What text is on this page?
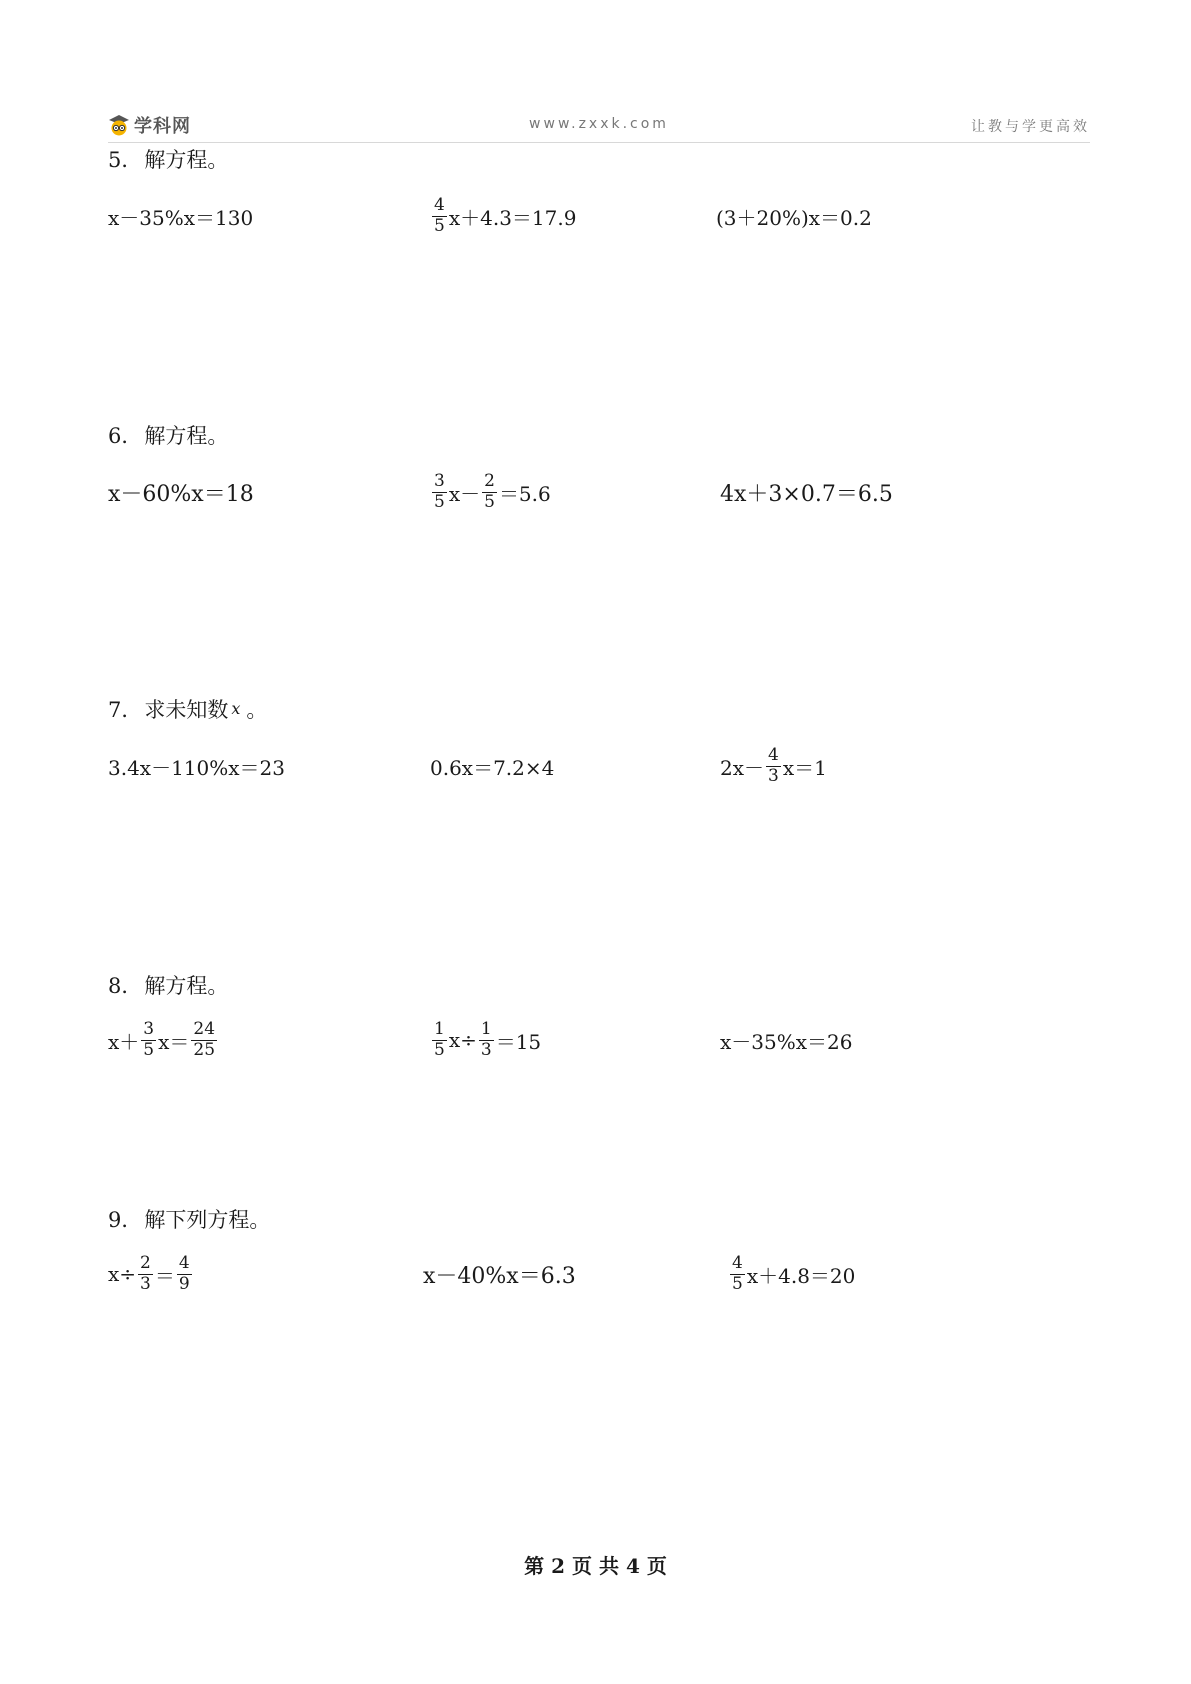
学科网	www.zxxk.com	让教与学更高效
5． 解方程。
x－35%x＝130	$\frac{4}{5} x+4.3=17.9$	(3＋20%)x＝0.2
6． 解方程。
x－60%x＝18	$\frac{3}{5} x- \frac{2}{5} =5.6$	4x＋3×0.7＝6.5
7． 求未知数 x 。
3.4x－110%x＝23	0.6x＝7.2×4	$2x- \frac{4}{3} x=1$
8． 解方程。
$x+ \frac{3}{5} x= \frac{24}{25}$	$\frac{1}{5} x\div \frac{1}{3} =15$	x－35%x＝26
9． 解下列方程。
$x\div \frac{2}{3} = \frac{4}{9}$	x－40%x＝6.3	$\frac{4}{5} x+4.8=20$
第 2 页 共 4 页
